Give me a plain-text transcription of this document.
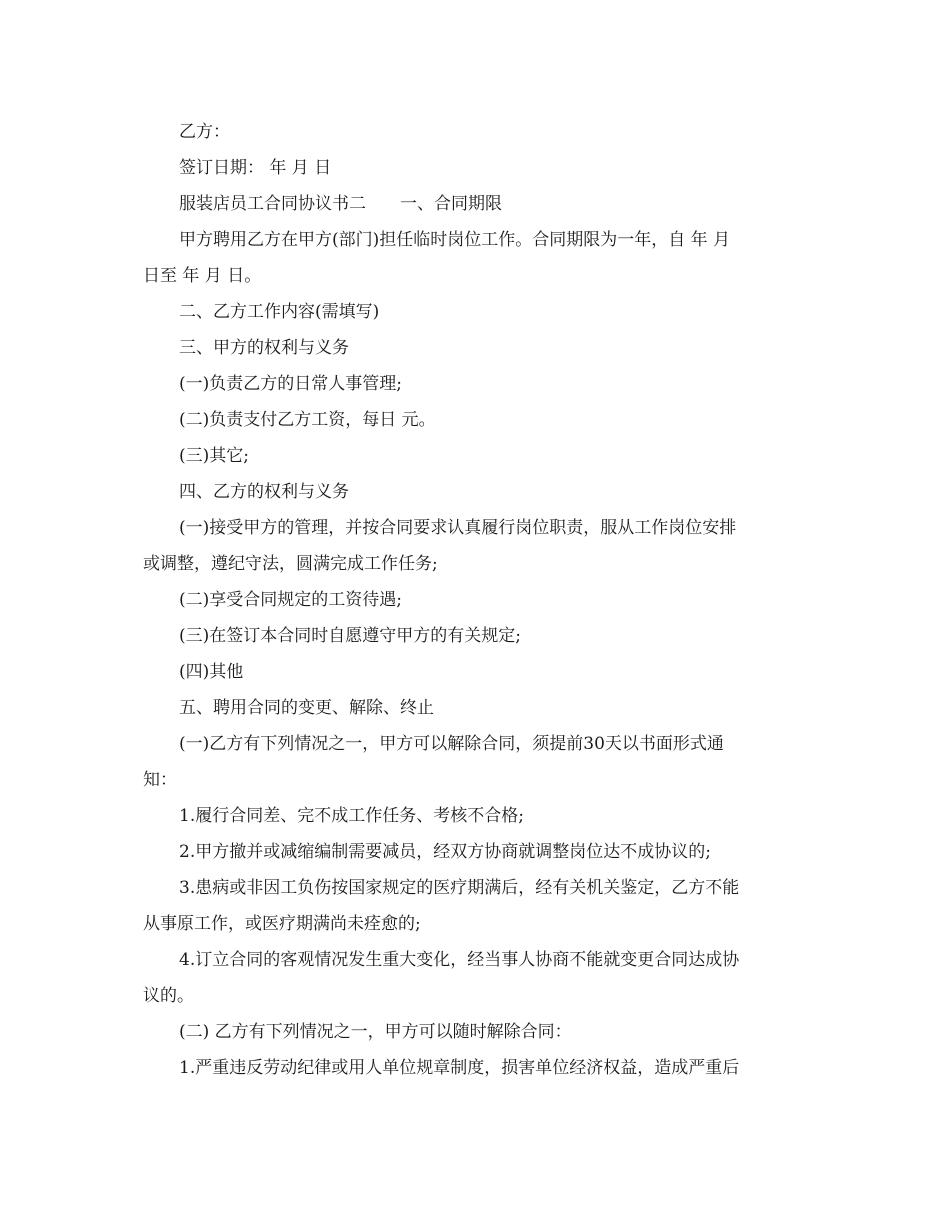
乙方：
签订日期： 年 月 日
服装店员工合同协议书二　　一、合同期限
甲方聘用乙方在甲方(部门)担任临时岗位工作。合同期限为一年，自 年 月
日至 年 月 日。
二、乙方工作内容(需填写)
三、甲方的权利与义务
(一)负责乙方的日常人事管理;
(二)负责支付乙方工资，每日 元。
(三)其它;
四、乙方的权利与义务
(一)接受甲方的管理，并按合同要求认真履行岗位职责，服从工作岗位安排
或调整，遵纪守法，圆满完成工作任务;
(二)享受合同规定的工资待遇;
(三)在签订本合同时自愿遵守甲方的有关规定;
(四)其他
五、聘用合同的变更、解除、终止
(一)乙方有下列情况之一，甲方可以解除合同，须提前30天以书面形式通
知：
1.履行合同差、完不成工作任务、考核不合格;
2.甲方撤并或减缩编制需要减员，经双方协商就调整岗位达不成协议的;
3.患病或非因工负伤按国家规定的医疗期满后，经有关机关鉴定，乙方不能
从事原工作，或医疗期满尚未痊愈的;
4.订立合同的客观情况发生重大变化，经当事人协商不能就变更合同达成协
议的。
(二) 乙方有下列情况之一，甲方可以随时解除合同：
1.严重违反劳动纪律或用人单位规章制度，损害单位经济权益，造成严重后
